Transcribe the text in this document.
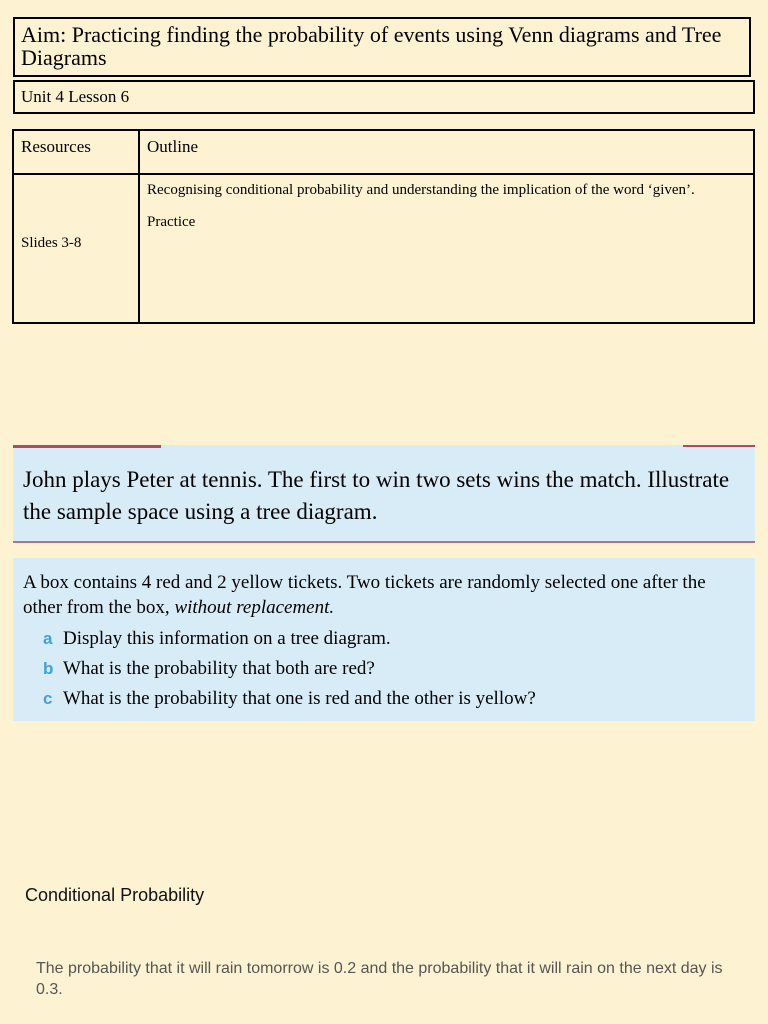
Aim: Practicing finding the probability of events using Venn diagrams and Tree Diagrams
Unit 4 Lesson 6
Resources	Outline
Slides 3-8	Recognising conditional probability and understanding the implication of the word ‘given’.

Practice

John plays Peter at tennis. The first to win two sets wins the match. Illustrate the sample space using a tree diagram.

A box contains 4 red and 2 yellow tickets. Two tickets are randomly selected one after the other from the box, without replacement.

a Display this information on a tree diagram.
b What is the probability that both are red?
c What is the probability that one is red and the other is yellow?
Conditional Probability
The probability that it will rain tomorrow is 0.2 and the probability that it will rain on the next day is 0.3.
